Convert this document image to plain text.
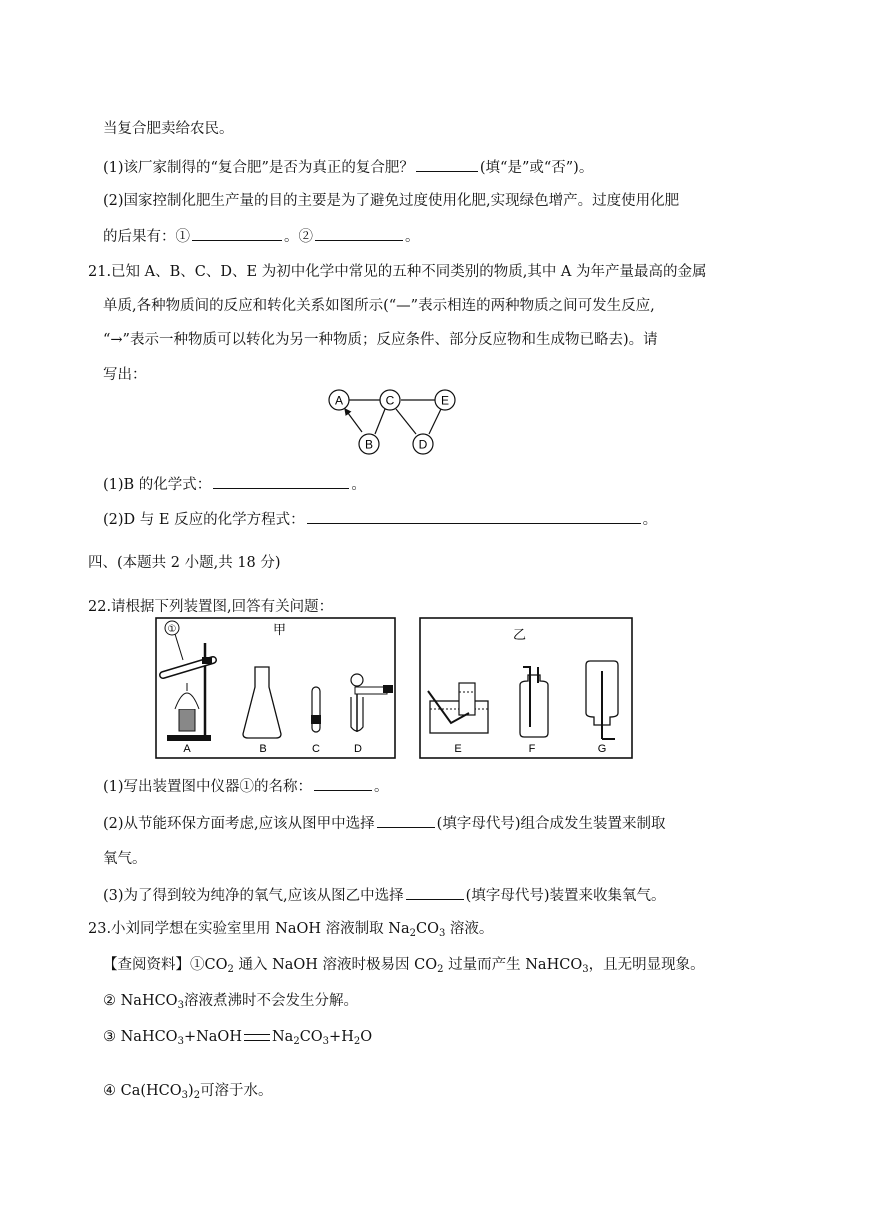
当复合肥卖给农民。
(1)该厂家制得的“复合肥”是否为真正的复合肥？	(填“是”或“否”)。
(2)国家控制化肥生产量的目的主要是为了避免过度使用化肥,实现绿色增产。过度使用化肥
的后果有：①	。②	。
21.已知 A、B、C、D、E 为初中化学中常见的五种不同类别的物质,其中 A 为年产量最高的金属
单质,各种物质间的反应和转化关系如图所示(“—”表示相连的两种物质之间可发生反应,
“→”表示一种物质可以转化为另一种物质；反应条件、部分反应物和生成物已略去)。请
写出：
A	C	E
B	D
(1)B 的化学式：	。
(2)D 与 E 反应的化学方程式：	。
四、(本题共 2 小题,共 18 分)
22.请根据下列装置图,回答有关问题：
甲
①
A	B	C	D
乙
E	F	G
(1)写出装置图中仪器①的名称：	。
(2)从节能环保方面考虑,应该从图甲中选择	(填字母代号)组合成发生装置来制取
氧气。
(3)为了得到较为纯净的氧气,应该从图乙中选择	(填字母代号)装置来收集氧气。
23.小刘同学想在实验室里用 NaOH 溶液制取 $Na_2CO_3$ 溶液。
【查阅资料】$①CO_2$ 通入 NaOH 溶液时极易因 $CO_2$ 过量而产生 NaHCO$_3$，且无明显现象。
② NaHCO$_3$溶液煮沸时不会发生分解。
③ NaHCO$_3$+NaOH $Na_2CO_3+H_2O$
④ $Ca(HCO_3)_2$可溶于水。
